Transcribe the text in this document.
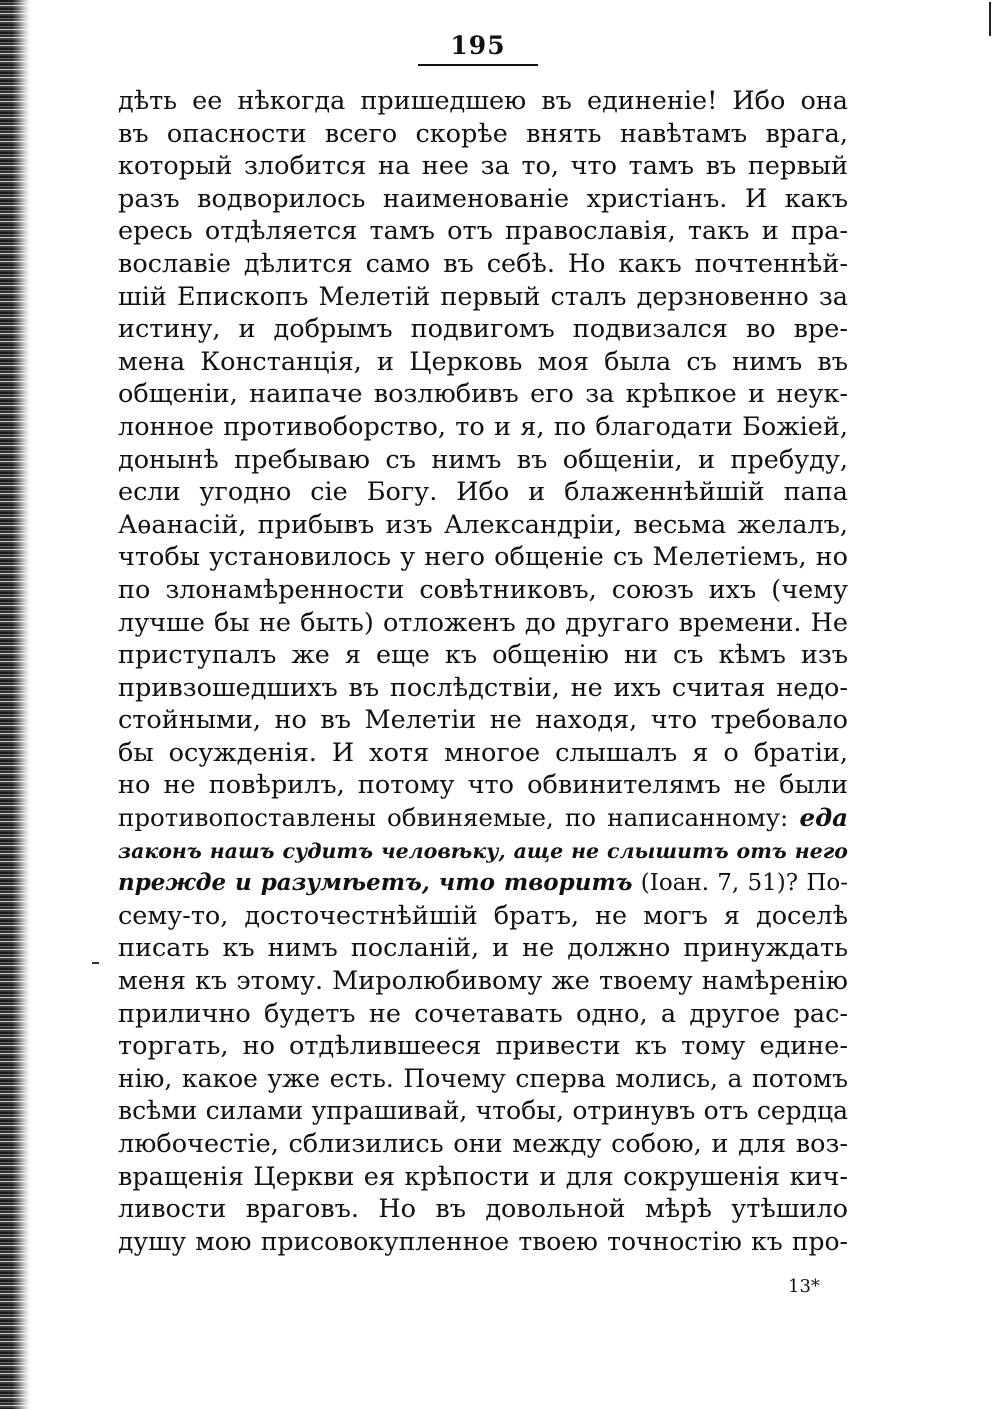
195
дѣть ее нѣкогда пришедшею въ единеніе! Ибо она
въ опасности всего скорѣе внять навѣтамъ врага,
который злобится на нее за то, что тамъ въ первый
разъ водворилось наименованіе христіанъ. И какъ
ересь отдѣляется тамъ отъ православія, такъ и пра-
вославіе дѣлится само въ себѣ. Но какъ почтеннѣй-
шій Епископъ Мелетій первый сталъ дерзновенно за
истину, и добрымъ подвигомъ подвизался во вре-
мена Констанція, и Церковь моя была съ нимъ въ
общеніи, наипаче возлюбивъ его за крѣпкое и неук-
лонное противоборство, то и я, по благодати Божіей,
донынѣ пребываю съ нимъ въ общеніи, и пребуду,
если угодно сіе Богу. Ибо и блаженнѣйшій папа
Аѳанасій, прибывъ изъ Александріи, весьма желалъ,
чтобы установилось у него общеніе съ Мелетіемъ, но
по злонамѣренности совѣтниковъ, союзъ ихъ (чему
лучше бы не быть) отложенъ до другаго времени. Не
приступалъ же я еще къ общенію ни съ кѣмъ изъ
привзошедшихъ въ послѣдствіи, не ихъ считая недо-
стойными, но въ Мелетіи не находя, что требовало
бы осужденія. И хотя многое слышалъ я о братіи,
но не повѣрилъ, потому что обвинителямъ не были
противопоставлены обвиняемые, по написанному: еда
законъ нашъ судитъ человѣку, аще не слышитъ отъ него
прежде и разумѣетъ, что творитъ (Іоан. 7, 51)? По-
сему-то, досточестнѣйшій братъ, не могъ я доселѣ
писать къ нимъ посланій, и не должно принуждать
меня къ этому. Миролюбивому же твоему намѣренію
прилично будетъ не сочетавать одно, а другое рас-
торгать, но отдѣлившееся привести къ тому едине-
нію, какое уже есть. Почему сперва молись, а потомъ
всѣми силами упрашивай, чтобы, отринувъ отъ сердца
любочестіе, сблизились они между собою, и для воз-
вращенія Церкви ея крѣпости и для сокрушенія кич-
ливости враговъ. Но въ довольной мѣрѣ утѣшило
душу мою присовокупленное твоею точностію къ про-
13*
